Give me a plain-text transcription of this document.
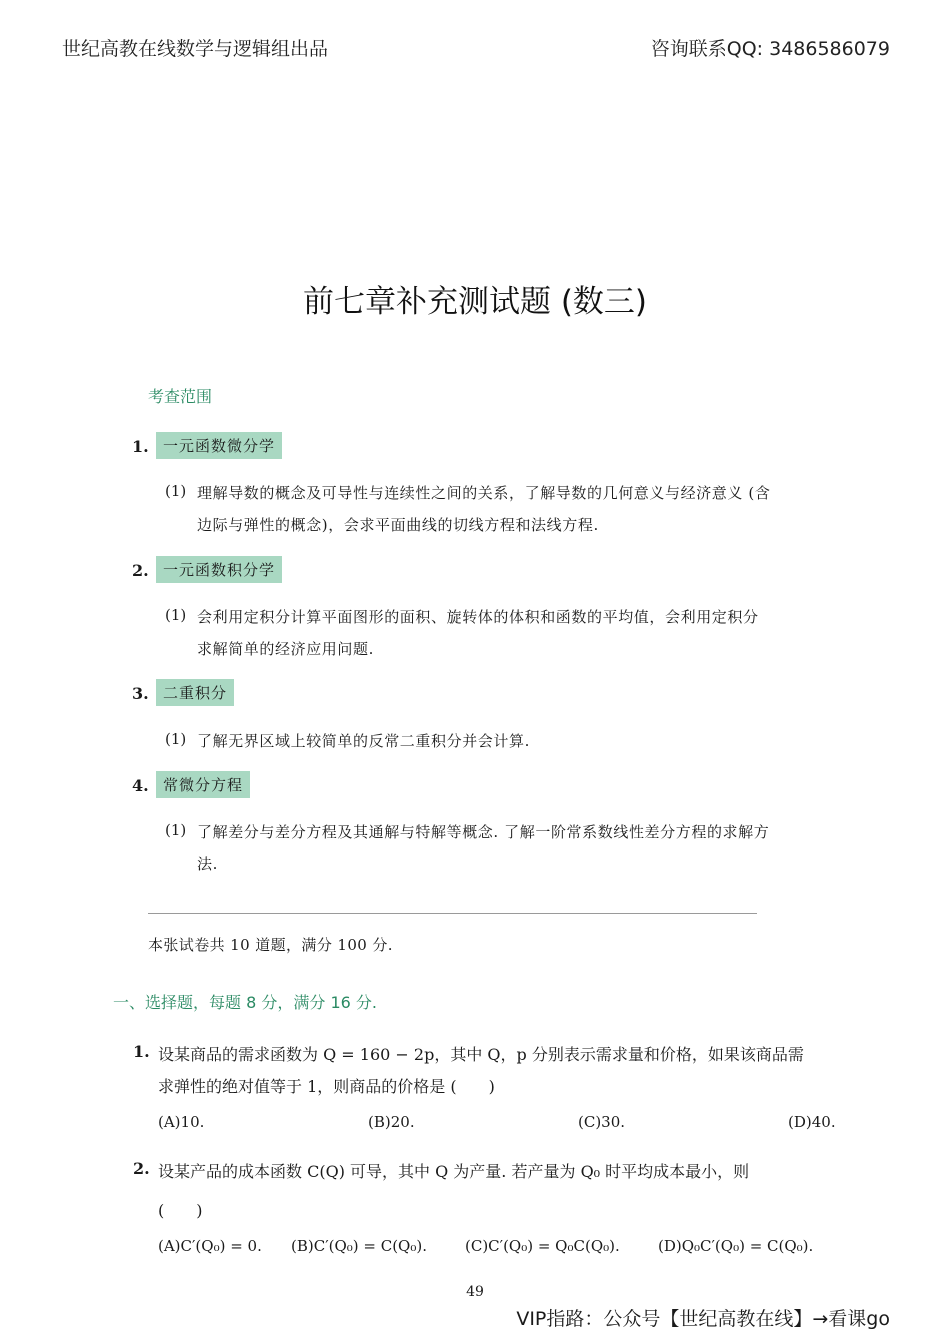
世纪高教在线数学与逻辑组出品	咨询联系QQ: 3486586079
前七章补充测试题 (数三)
考查范围
1. 一元函数微分学
(1) 理解导数的概念及可导性与连续性之间的关系，了解导数的几何意义与经济意义 (含
边际与弹性的概念)，会求平面曲线的切线方程和法线方程.
2. 一元函数积分学
(1) 会利用定积分计算平面图形的面积、旋转体的体积和函数的平均值，会利用定积分
求解简单的经济应用问题.
3. 二重积分
(1) 了解无界区域上较简单的反常二重积分并会计算.
4. 常微分方程
(1) 了解差分与差分方程及其通解与特解等概念. 了解一阶常系数线性差分方程的求解方
法.
本张试卷共 10 道题，满分 100 分.
一、选择题，每题 8 分，满分 16 分.
1. 设某商品的需求函数为 Q = 160 − 2p，其中 Q，p 分别表示需求量和价格，如果该商品需
求弹性的绝对值等于 1，则商品的价格是 (　　)
(A)10.	(B)20.	(C)30.	(D)40.
2. 设某产品的成本函数 C(Q) 可导，其中 Q 为产量. 若产量为 Q₀ 时平均成本最小，则
(　　)
(A)C′(Q₀) = 0. (B)C′(Q₀) = C(Q₀).	(C)C′(Q₀) = Q₀C(Q₀).	(D)Q₀C′(Q₀) = C(Q₀).
49
VIP指路：公众号【世纪高教在线】→看课go
